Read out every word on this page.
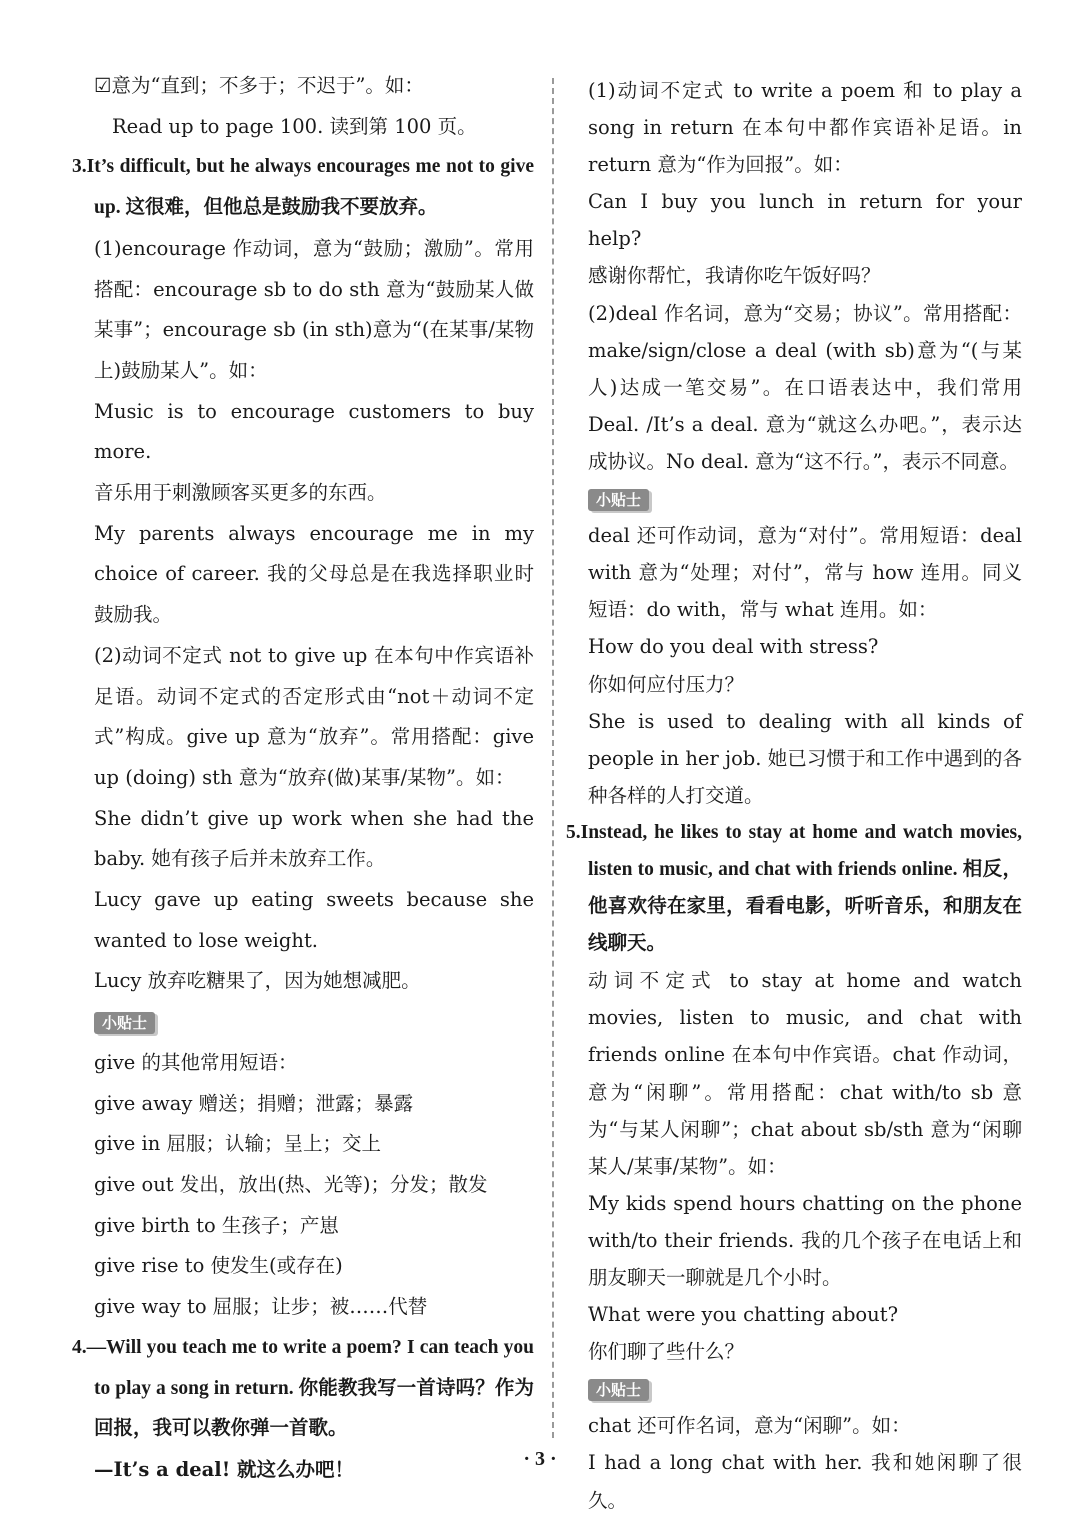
☑意为“直到；不多于；不迟于”。如：

Read up to page 100. 读到第 100 页。

3.It’s difficult, but he always encourages me not to give up. 这很难，但他总是鼓励我不要放弃。

(1)encourage 作动词，意为“鼓励；激励”。常用搭配：encourage sb to do sth 意为“鼓励某人做某事”；encourage sb (in sth)意为“(在某事/某物上)鼓励某人”。如：

Music is to encourage customers to buy more.

音乐用于刺激顾客买更多的东西。

My parents always encourage me in my choice of career. 我的父母总是在我选择职业时鼓励我。

(2)动词不定式 not to give up 在本句中作宾语补足语。动词不定式的否定形式由“not＋动词不定式”构成。give up 意为“放弃”。常用搭配：give up (doing) sth 意为“放弃(做)某事/某物”。如：

She didn’t give up work when she had the baby. 她有孩子后并未放弃工作。

Lucy gave up eating sweets because she wanted to lose weight.

Lucy 放弃吃糖果了，因为她想减肥。

小贴士

give 的其他常用短语：

give away 赠送；捐赠；泄露；暴露

give in 屈服；认输；呈上；交上

give out 发出，放出(热、光等)；分发；散发

give birth to 生孩子；产崽

give rise to 使发生(或存在)

give way to 屈服；让步；被……代替

4.—Will you teach me to write a poem? I can teach you to play a song in return. 你能教我写一首诗吗？作为回报，我可以教你弹一首歌。

—It’s a deal! 就这么办吧！

(1)动词不定式 to write a poem 和 to play a song in return 在本句中都作宾语补足语。in return 意为“作为回报”。如：

Can I buy you lunch in return for your help?

感谢你帮忙，我请你吃午饭好吗？

(2)deal 作名词，意为“交易；协议”。常用搭配：make/sign/close a deal (with sb)意为“(与某人)达成一笔交易”。在口语表达中，我们常用 Deal. /It’s a deal. 意为“就这么办吧。”，表示达成协议。No deal. 意为“这不行。”，表示不同意。

小贴士

deal 还可作动词，意为“对付”。常用短语：deal with 意为“处理；对付”，常与 how 连用。同义短语：do with，常与 what 连用。如：

How do you deal with stress?

你如何应付压力？

She is used to dealing with all kinds of people in her job. 她已习惯于和工作中遇到的各种各样的人打交道。

5.Instead, he likes to stay at home and watch movies, listen to music, and chat with friends online. 相反，他喜欢待在家里，看看电影，听听音乐，和朋友在线聊天。

动词不定式 to stay at home and watch movies, listen to music, and chat with friends online 在本句中作宾语。chat 作动词，意为“闲聊”。常用搭配：chat with/to sb 意为“与某人闲聊”；chat about sb/sth 意为“闲聊某人/某事/某物”。如：

My kids spend hours chatting on the phone with/to their friends. 我的几个孩子在电话上和朋友聊天一聊就是几个小时。

What were you chatting about?

你们聊了些什么？

小贴士

chat 还可作名词，意为“闲聊”。如：

I had a long chat with her. 我和她闲聊了很久。

· 3 ·
